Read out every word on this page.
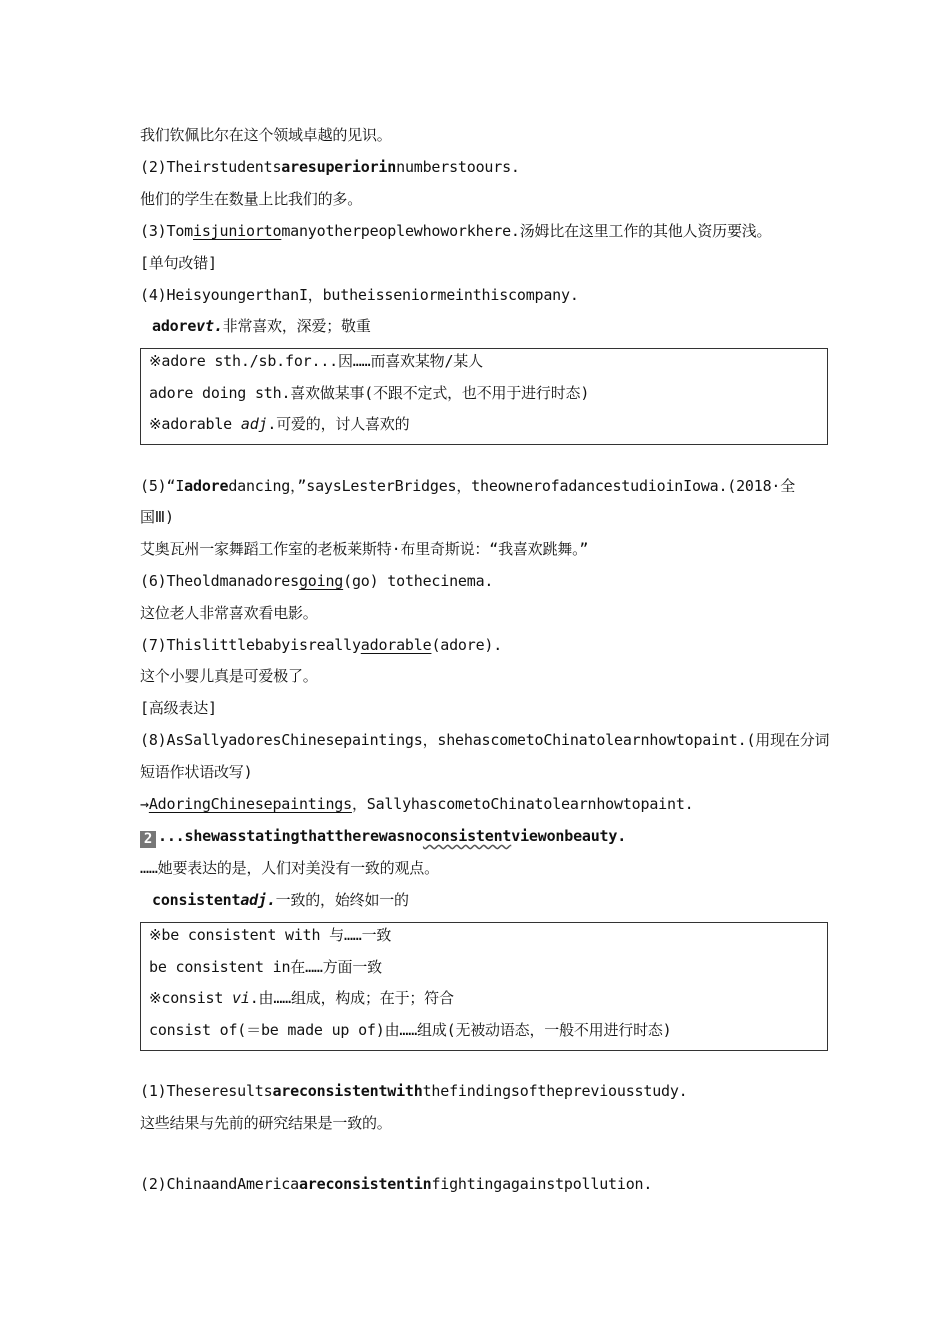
我们钦佩比尔在这个领域卓越的见识。
(2)Theirstudentsaresuperiorinnumberstoours.
他们的学生在数量上比我们的多。
(3)Tomisjuniortomanyotherpeoplewhoworkhere.汤姆比在这里工作的其他人资历要浅。
[单句改错]
(4)HeisyoungerthanI，butheisseniormeinthiscompany.
adorevt.非常喜欢，深爱；敬重
※adore sth./sb.for...因……而喜欢某物/某人
adore doing sth.喜欢做某事(不跟不定式，也不用于进行时态)
※adorable adj.可爱的，讨人喜欢的
(5)“Iadoredancing，”saysLesterBridges，theownerofadancestudioinIowa.(2018·全
国Ⅲ)
艾奥瓦州一家舞蹈工作室的老板莱斯特·布里奇斯说：“我喜欢跳舞。”
(6)Theoldmanadoresgoing(go) tothecinema.
这位老人非常喜欢看电影。
(7)Thislittlebabyisreallyadorable(adore).
这个小婴儿真是可爱极了。
[高级表达]
(8)AsSallyadoresChinesepaintings，shehascometoChinatolearnhowtopaint.(用现在分词
短语作状语改写)
→AdoringChinesepaintings，SallyhascometoChinatolearnhowtopaint.
2 ...shewasstatingthattherewasnoconsistentviewonbeauty.
……她要表达的是，人们对美没有一致的观点。
consistentadj.一致的，始终如一的
※be consistent with 与……一致
be consistent in在……方面一致
※consist vi.由……组成，构成；在于；符合
consist of(＝be made up of)由……组成(无被动语态，一般不用进行时态)
(1)Theseresultsareconsistentwiththefindingsofthepreviousstudy.
这些结果与先前的研究结果是一致的。
(2)ChinaandAmericaareconsistentinfightingagainstpollution.
